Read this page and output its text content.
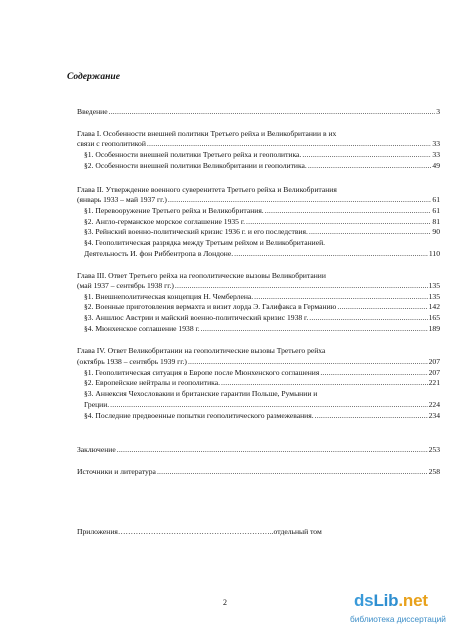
Содержание
Введение .....	3
Глава I. Особенности внешней политики Третьего рейха и Великобритании в их
связи с геополитикой .....	33
§1. Особенности внешней политики Третьего рейха и геополитика. .....	33
§2. Особенности внешней политики Великобритании и геополитика. .....	49
Глава II. Утверждение военного суверенитета Третьего рейха и Великобритания
(январь 1933 – май 1937 гг.) .....	61
§1. Перевооружение Третьего рейха и Великобритания. .....	61
§2. Англо-германское морское соглашение 1935 г. .....	81
§3. Рейнский военно-политический кризис 1936 г. и его последствия. .....	90
§4. Геополитическая разрядка между Третьим рейхом и Великобританией.
Деятельность И. фон Риббентропа в Лондоне. .....	110
Глава III. Ответ Третьего рейха на геополитические вызовы Великобритании
(май 1937 – сентябрь 1938 гг.) .....	135
§1. Внешнеполитическая концепция Н. Чемберлена. .....	135
§2. Военные приготовления вермахта и визит лорда Э. Галифакса в Германию .....	142
§3. Аншлюс Австрии и майский военно-политический кризис 1938 г. .....	165
§4. Мюнхенское соглашение 1938 г. .....	189
Глава IV. Ответ Великобритании на геополитические вызовы Третьего рейха
(октябрь 1938 – сентябрь 1939 гг.) .....	207
§1. Геополитическая ситуация в Европе после Мюнхенского соглашения .....	207
§2. Европейские нейтралы и геополитика. .....	221
§3. Аннексия Чехословакии и британские гарантии Польше, Румынии и
Греции. .....	224
§4. Последние предвоенные попытки геополитического размежевания. .....	234
Заключение .....	253
Источники и литература .....	258
Приложения……………………………………………………..отдельный том
2	dsLib.net
библиотека диссертаций
